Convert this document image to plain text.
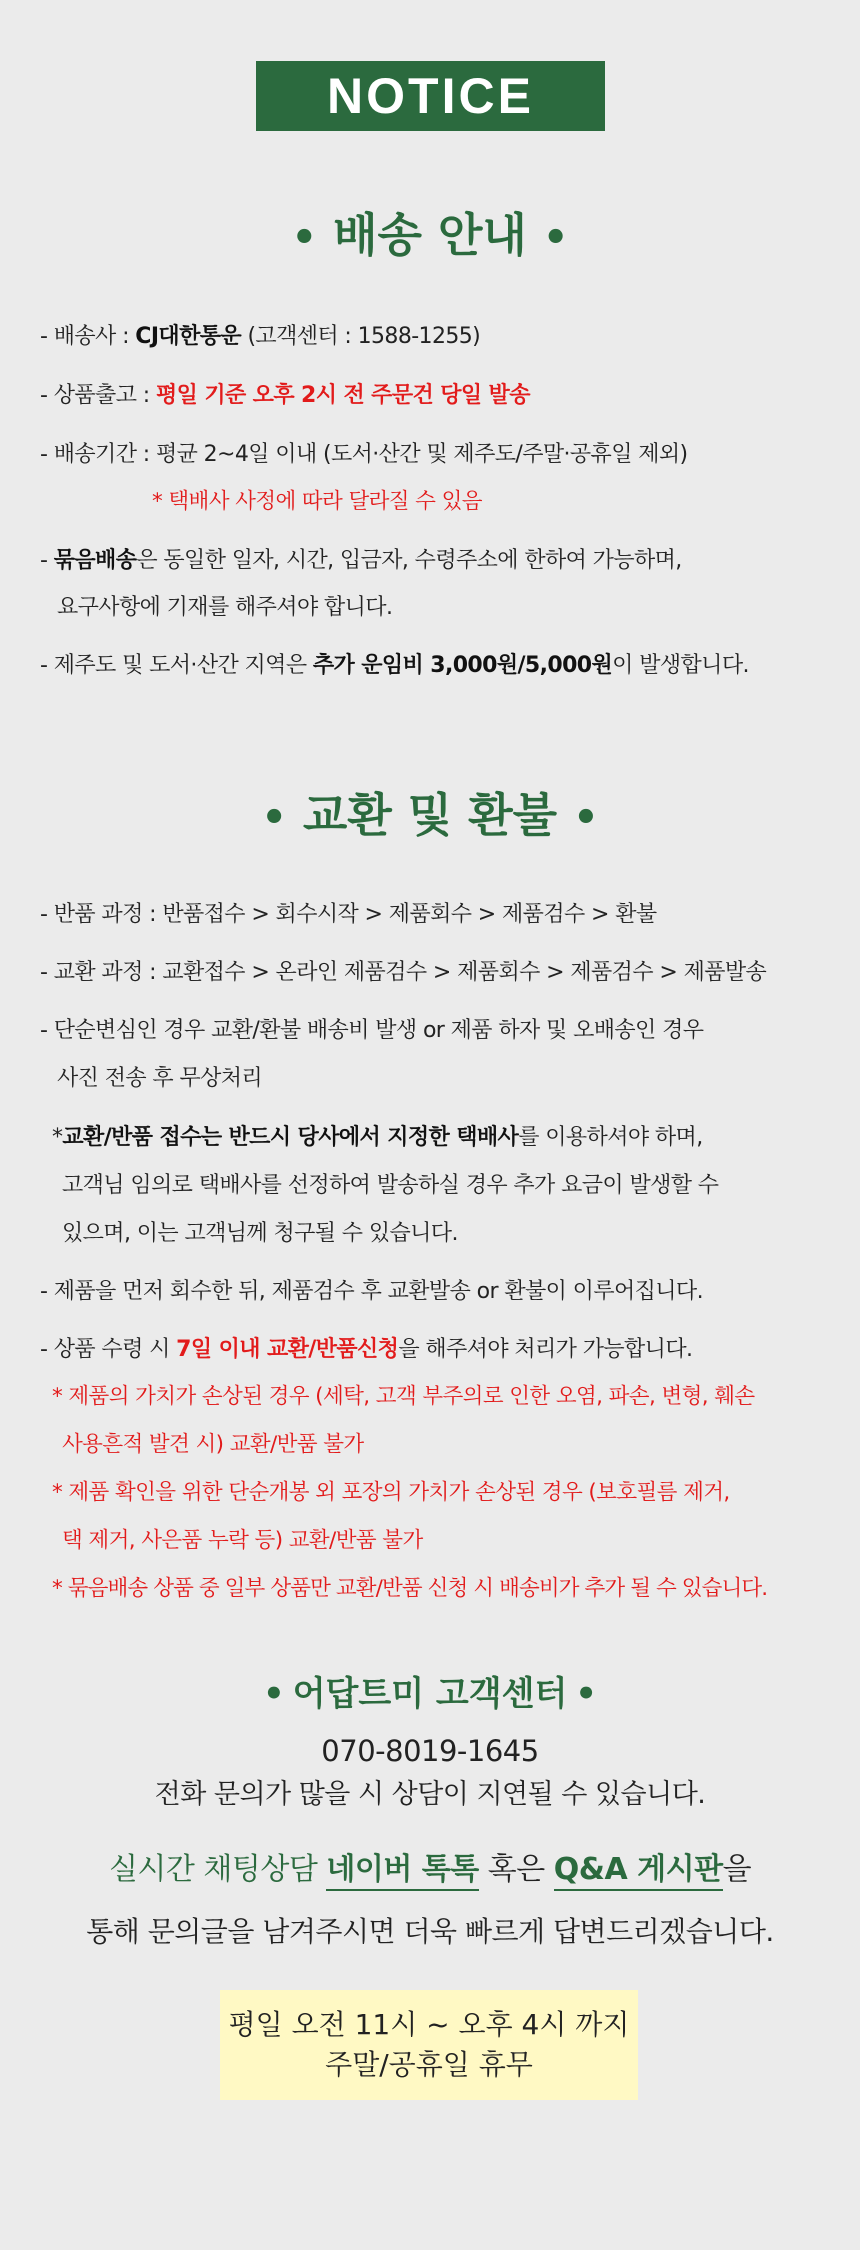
NOTICE
• 배송 안내 •
- 배송사 : CJ대한통운 (고객센터 : 1588-1255)
- 상품출고 : 평일 기준 오후 2시 전 주문건 당일 발송
- 배송기간 : 평균 2~4일 이내 (도서·산간 및 제주도/주말·공휴일 제외)
* 택배사 사정에 따라 달라질 수 있음
- 묶음배송은 동일한 일자, 시간, 입금자, 수령주소에 한하여 가능하며,
요구사항에 기재를 해주셔야 합니다.
- 제주도 및 도서·산간 지역은 추가 운임비 3,000원/5,000원이 발생합니다.
• 교환 및 환불 •
- 반품 과정 : 반품접수 > 회수시작 > 제품회수 > 제품검수 > 환불
- 교환 과정 : 교환접수 > 온라인 제품검수 > 제품회수 > 제품검수 > 제품발송
- 단순변심인 경우 교환/환불 배송비 발생 or 제품 하자 및 오배송인 경우
사진 전송 후 무상처리
*교환/반품 접수는 반드시 당사에서 지정한 택배사를 이용하셔야 하며,
고객님 임의로 택배사를 선정하여 발송하실 경우 추가 요금이 발생할 수
있으며, 이는 고객님께 청구될 수 있습니다.
- 제품을 먼저 회수한 뒤, 제품검수 후 교환발송 or 환불이 이루어집니다.
- 상품 수령 시 7일 이내 교환/반품신청을 해주셔야 처리가 가능합니다.
* 제품의 가치가 손상된 경우 (세탁, 고객 부주의로 인한 오염, 파손, 변형, 훼손
사용흔적 발견 시) 교환/반품 불가
* 제품 확인을 위한 단순개봉 외 포장의 가치가 손상된 경우 (보호필름 제거,
택 제거, 사은품 누락 등) 교환/반품 불가
* 묶음배송 상품 중 일부 상품만 교환/반품 신청 시 배송비가 추가 될 수 있습니다.
• 어답트미 고객센터 •
070-8019-1645
전화 문의가 많을 시 상담이 지연될 수 있습니다.
실시간 채팅상담 네이버 톡톡 혹은 Q&A 게시판을
통해 문의글을 남겨주시면 더욱 빠르게 답변드리겠습니다.
평일 오전 11시 ~ 오후 4시 까지
주말/공휴일 휴무
